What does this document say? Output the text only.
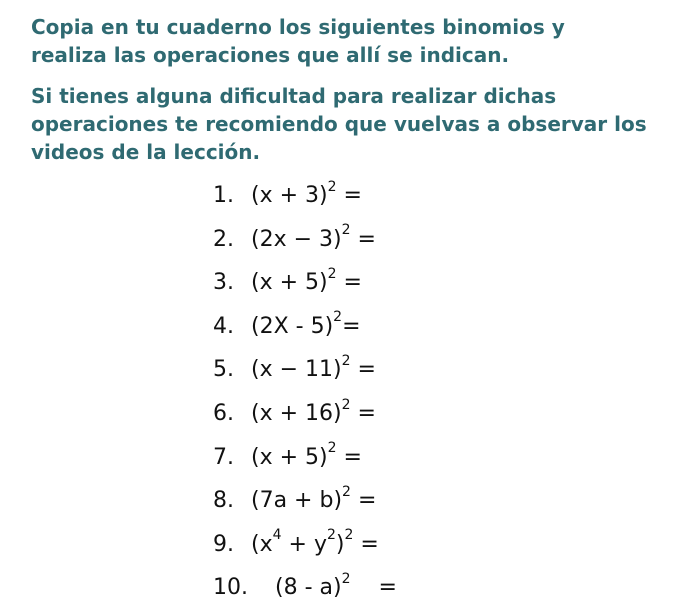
Copia en tu cuaderno los siguientes binomios y realiza las operaciones que allí se indican.

Si tienes alguna dificultad para realizar dichas operaciones te recomiendo que vuelvas a observar los videos de la lección.

1. $(x + 3)^2$ =
2. $(2x - 3)^2$ =
3. $(x + 5)^2$ =
4. (2X - 5)$^2$=
5. $(x - 11)^2$ =
6. $(x + 16)^2$ =
7. $(x + 5)^2$ =
8. $(7a + b)^2$ =
9. $(x^4 + y^2)^2$ =
10. (8 - a)$^2$    =
